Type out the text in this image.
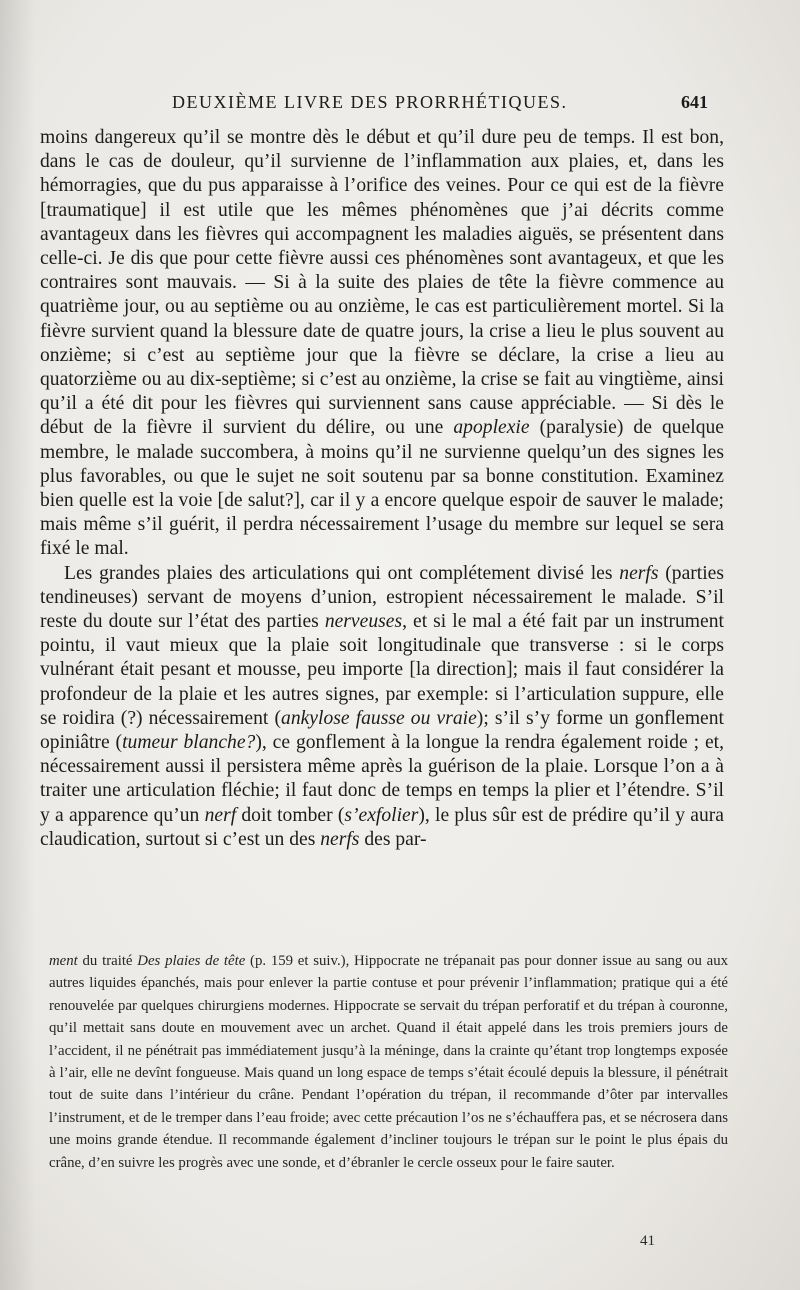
DEUXIÈME LIVRE DES PRORRHÉTIQUES.	641

moins dangereux qu’il se montre dès le début et qu’il dure peu de temps. Il est bon, dans le cas de douleur, qu’il survienne de l’inflammation aux plaies, et, dans les hémorragies, que du pus apparaisse à l’orifice des veines. Pour ce qui est de la fièvre [traumatique] il est utile que les mêmes phénomènes que j’ai décrits comme avantageux dans les fièvres qui accompagnent les maladies aiguës, se présentent dans celle-ci. Je dis que pour cette fièvre aussi ces phénomènes sont avantageux, et que les contraires sont mauvais. — Si à la suite des plaies de tête la fièvre commence au quatrième jour, ou au septième ou au onzième, le cas est particulièrement mortel. Si la fièvre survient quand la blessure date de quatre jours, la crise a lieu le plus souvent au onzième; si c’est au septième jour que la fièvre se déclare, la crise a lieu au quatorzième ou au dix-septième; si c’est au onzième, la crise se fait au vingtième, ainsi qu’il a été dit pour les fièvres qui surviennent sans cause appréciable. — Si dès le début de la fièvre il survient du délire, ou une apoplexie (paralysie) de quelque membre, le malade succombera, à moins qu’il ne survienne quelqu’un des signes les plus favorables, ou que le sujet ne soit soutenu par sa bonne constitution. Examinez bien quelle est la voie [de salut?], car il y a encore quelque espoir de sauver le malade; mais même s’il guérit, il perdra nécessairement l’usage du membre sur lequel se sera fixé le mal.

Les grandes plaies des articulations qui ont complétement divisé les nerfs (parties tendineuses) servant de moyens d’union, estropient nécessairement le malade. S’il reste du doute sur l’état des parties nerveuses, et si le mal a été fait par un instrument pointu, il vaut mieux que la plaie soit longitudinale que transverse : si le corps vulnérant était pesant et mousse, peu importe [la direction]; mais il faut considérer la profondeur de la plaie et les autres signes, par exemple: si l’articulation suppure, elle se roidira (?) nécessairement (ankylose fausse ou vraie); s’il s’y forme un gonflement opiniâtre (tumeur blanche?), ce gonflement à la longue la rendra également roide ; et, nécessairement aussi il persistera même après la guérison de la plaie. Lorsque l’on a à traiter une articulation fléchie; il faut donc de temps en temps la plier et l’étendre. S’il y a apparence qu’un nerf doit tomber (s’exfolier), le plus sûr est de prédire qu’il y aura claudication, surtout si c’est un des nerfs des par-

ment du traité Des plaies de tête (p. 159 et suiv.), Hippocrate ne trépanait pas pour donner issue au sang ou aux autres liquides épanchés, mais pour enlever la partie contuse et pour prévenir l’inflammation; pratique qui a été renouvelée par quelques chirurgiens modernes. Hippocrate se servait du trépan perforatif et du trépan à couronne, qu’il mettait sans doute en mouvement avec un archet. Quand il était appelé dans les trois premiers jours de l’accident, il ne pénétrait pas immédiatement jusqu’à la méninge, dans la crainte qu’étant trop longtemps exposée à l’air, elle ne devînt fongueuse. Mais quand un long espace de temps s’était écoulé depuis la blessure, il pénétrait tout de suite dans l’intérieur du crâne. Pendant l’opération du trépan, il recommande d’ôter par intervalles l’instrument, et de le tremper dans l’eau froide; avec cette précaution l’os ne s’échauffera pas, et se nécrosera dans une moins grande étendue. Il recommande également d’incliner toujours le trépan sur le point le plus épais du crâne, d’en suivre les progrès avec une sonde, et d’ébranler le cercle osseux pour le faire sauter.

41
